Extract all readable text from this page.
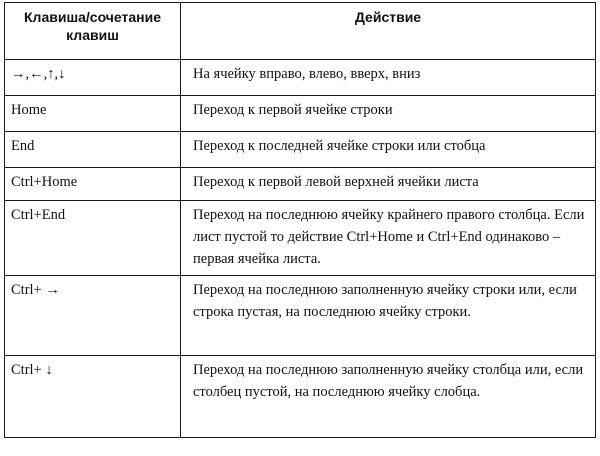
Клавиша/сочетание клавиш	Действие
→,←,↑,↓	На ячейку вправо, влево, вверх, вниз
Home	Переход к первой ячейке строки
End	Переход к последней ячейке строки или стобца
Ctrl+Home	Переход к первой левой верхней ячейки листа
Ctrl+End	Переход на последнюю ячейку крайнего правого столбца. Если лист пустой то действие Ctrl+Home и Ctrl+End одинаково – первая ячейка листа.
Ctrl+ →	Переход на последнюю заполненную ячейку строки или, если строка пустая, на последнюю ячейку строки.
Ctrl+ ↓	Переход на последнюю заполненную ячейку столбца или, если столбец пустой, на последнюю ячейку слобца.
